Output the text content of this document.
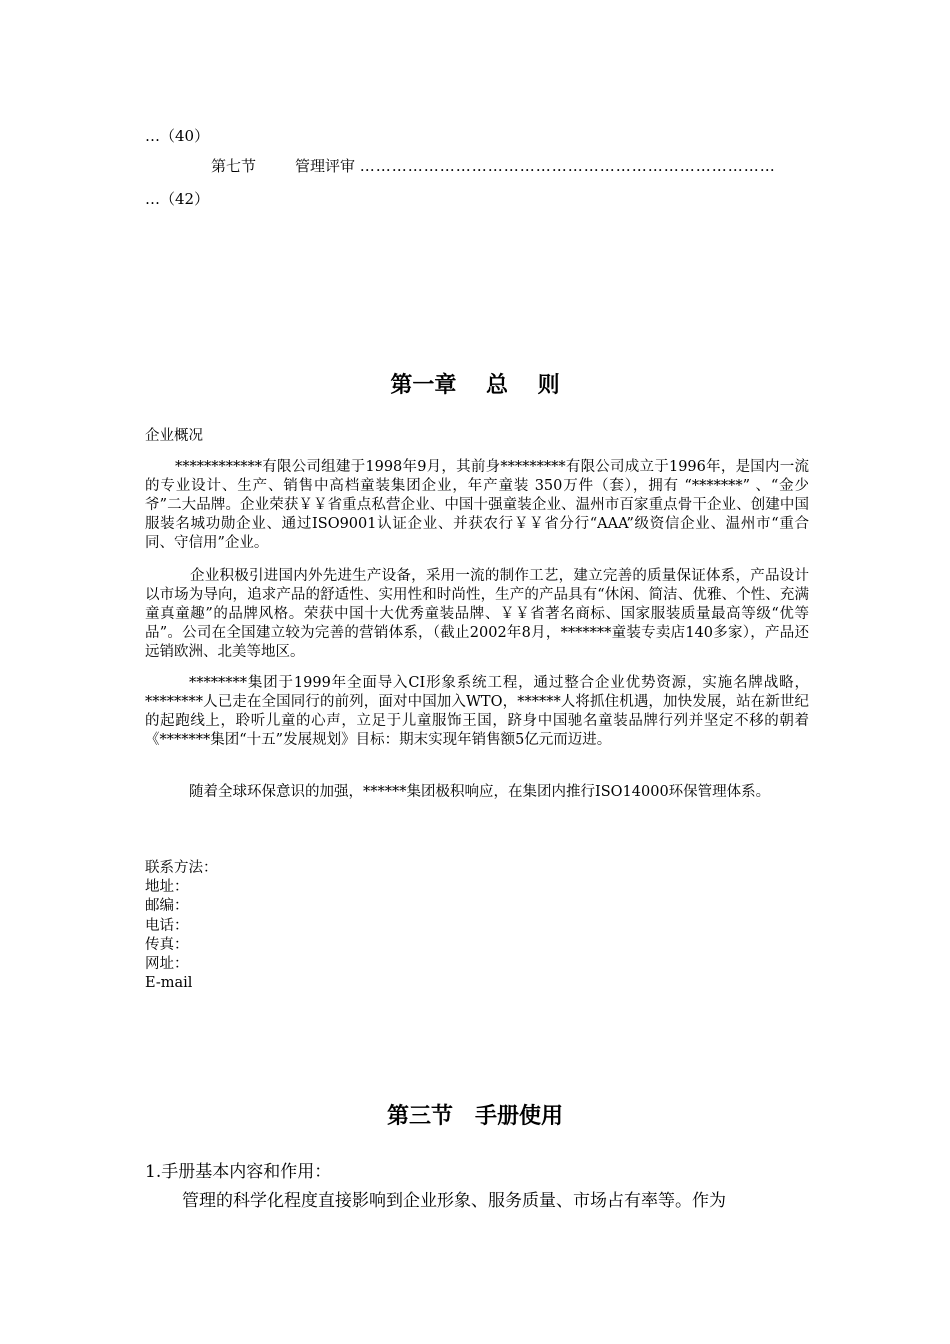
…（40）
第七节	管理评审 ……………………………………………………………………
…（42）
第一章　 总　 则
企业概况

************有限公司组建于1998年9月，其前身*********有限公司成立于1996年，是国内一流的专业设计、生产、销售中高档童装集团企业，年产童装 350万件（套），拥有 “*******” 、“金少爷”二大品牌。企业荣获￥￥省重点私营企业、中国十强童装企业、温州市百家重点骨干企业、创建中国服装名城功勋企业、通过ISO9001认证企业、并获农行￥￥省分行“AAA”级资信企业、温州市“重合同、守信用”企业。

企业积极引进国内外先进生产设备，采用一流的制作工艺，建立完善的质量保证体系，产品设计以市场为导向，追求产品的舒适性、实用性和时尚性，生产的产品具有“休闲、简洁、优雅、个性、充满童真童趣”的品牌风格。荣获中国十大优秀童装品牌、￥￥省著名商标、国家服装质量最高等级“优等品”。公司在全国建立较为完善的营销体系，（截止2002年8月，*******童装专卖店140多家），产品还远销欧洲、北美等地区。

********集团于1999年全面导入CI形象系统工程，通过整合企业优势资源，实施名牌战略，********人已走在全国同行的前列，面对中国加入WTO，******人将抓住机遇，加快发展，站在新世纪的起跑线上，聆听儿童的心声，立足于儿童服饰王国，跻身中国驰名童装品牌行列并坚定不移的朝着《*******集团“十五”发展规划》目标：期末实现年销售额5亿元而迈进。

随着全球环保意识的加强，******集团极积响应，在集团内推行ISO14000环保管理体系。

联系方法：
地址：
邮编：
电话：
传真：
网址：
E-mail
第三节　手册使用
1.手册基本内容和作用：
管理的科学化程度直接影响到企业形象、服务质量、市场占有率等。作为
